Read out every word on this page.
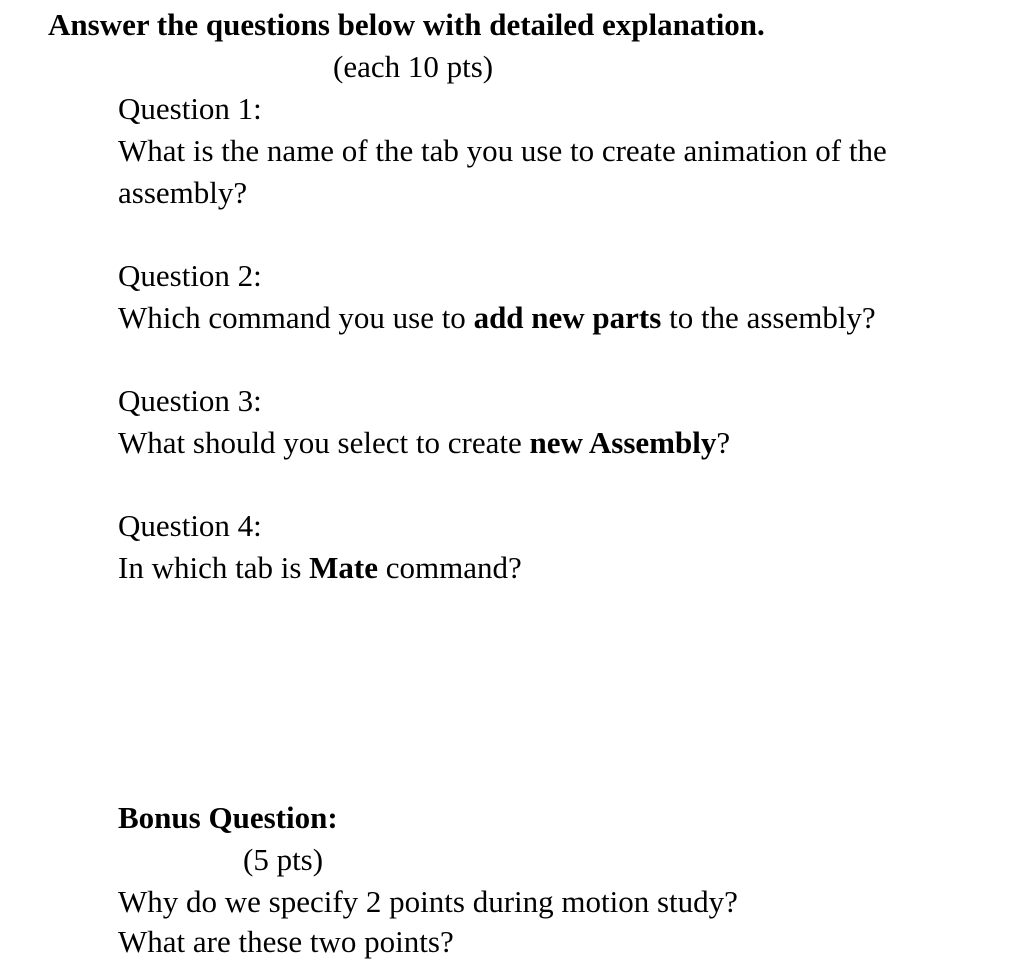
Answer the questions below with detailed explanation.
(each 10 pts)
Question 1:
What is the name of the tab you use to create animation of the
assembly?
Question 2:
Which command you use to add new parts to the assembly?
Question 3:
What should you select to create new Assembly?
Question 4:
In which tab is Mate command?
Bonus Question:
(5 pts)
Why do we specify 2 points during motion study?
What are these two points?
